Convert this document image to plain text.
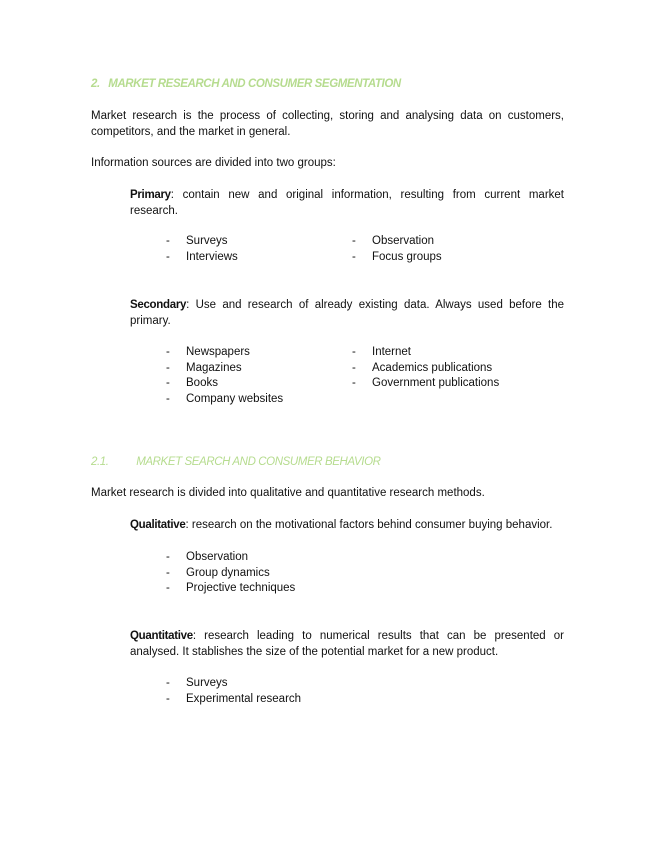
2. MARKET RESEARCH AND CONSUMER SEGMENTATION
Market research is the process of collecting, storing and analysing data on customers, competitors, and the market in general.
Information sources are divided into two groups:
Primary: contain new and original information, resulting from current market research.
- Surveys
- Interviews
- Observation
- Focus groups
Secondary: Use and research of already existing data. Always used before the primary.
- Newspapers
- Magazines
- Books
- Company websites
- Internet
- Academics publications
- Government publications
2.1. MARKET SEARCH AND CONSUMER BEHAVIOR
Market research is divided into qualitative and quantitative research methods.
Qualitative: research on the motivational factors behind consumer buying behavior.
- Observation
- Group dynamics
- Projective techniques
Quantitative: research leading to numerical results that can be presented or analysed. It stablishes the size of the potential market for a new product.
- Surveys
- Experimental research
